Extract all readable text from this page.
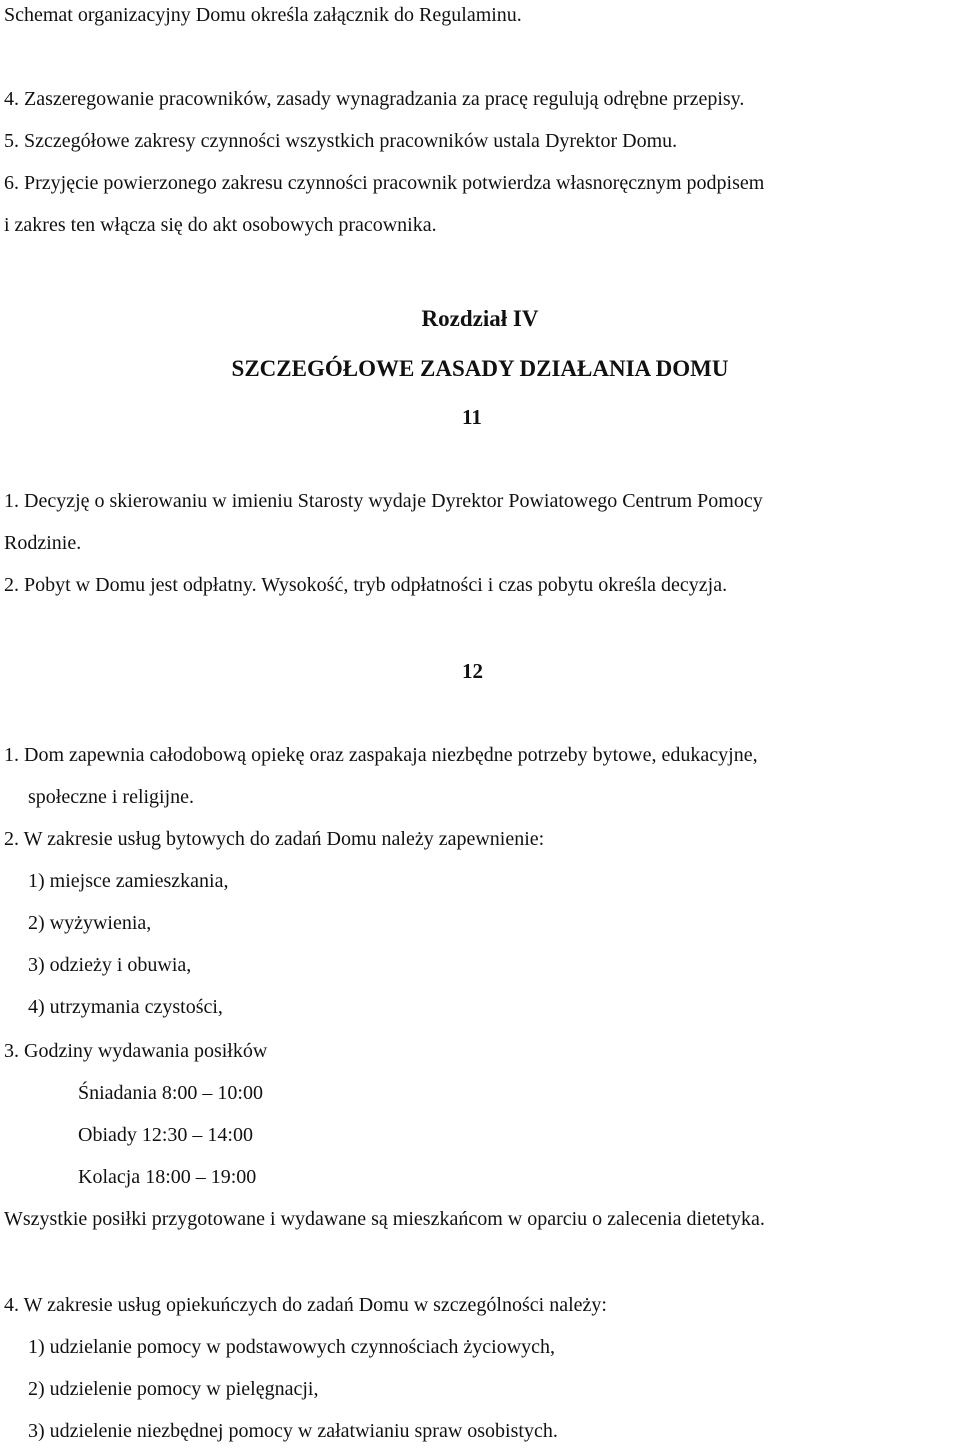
Schemat organizacyjny Domu określa załącznik do Regulaminu.
4. Zaszeregowanie pracowników, zasady wynagradzania za pracę regulują odrębne przepisy.
5. Szczegółowe zakresy czynności wszystkich pracowników ustala Dyrektor Domu.
6. Przyjęcie powierzonego zakresu czynności pracownik potwierdza własnoręcznym podpisem
i zakres ten włącza się do akt osobowych pracownika.
Rozdział IV
SZCZEGÓŁOWE ZASADY DZIAŁANIA DOMU
11
1. Decyzję o skierowaniu w imieniu Starosty wydaje Dyrektor Powiatowego Centrum Pomocy
Rodzinie.
2. Pobyt w Domu jest odpłatny. Wysokość, tryb odpłatności i czas pobytu określa decyzja.
12
1. Dom zapewnia całodobową opiekę oraz zaspakaja niezbędne potrzeby bytowe, edukacyjne,
społeczne i religijne.
2. W zakresie usług bytowych do zadań Domu należy zapewnienie:
1) miejsce zamieszkania,
2) wyżywienia,
3) odzieży i obuwia,
4) utrzymania czystości,
3. Godziny wydawania posiłków
Śniadania 8:00 – 10:00
Obiady 12:30 – 14:00
Kolacja 18:00 – 19:00
Wszystkie posiłki przygotowane i wydawane są mieszkańcom w oparciu o zalecenia dietetyka.
4. W zakresie usług opiekuńczych do zadań Domu w szczególności należy:
1) udzielanie pomocy w podstawowych czynnościach życiowych,
2) udzielenie pomocy w pielęgnacji,
3) udzielenie niezbędnej pomocy w załatwianiu spraw osobistych.
